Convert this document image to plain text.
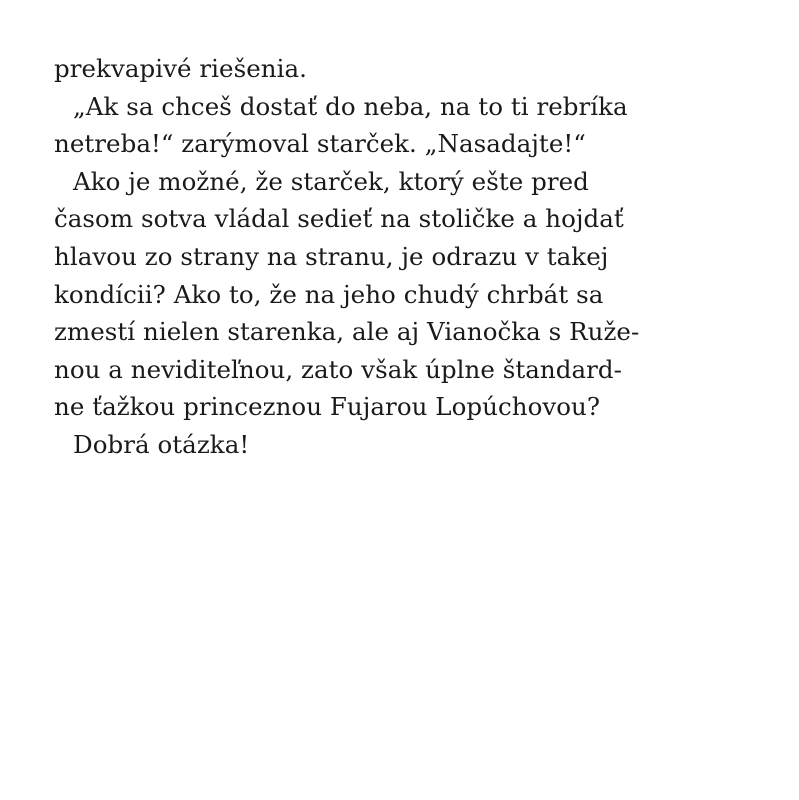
prekvapivé riešenia.
„Ak sa chceš dostať do neba, na to ti rebríka
netreba!“ zarýmoval starček. „Nasadajte!“
Ako je možné, že starček, ktorý ešte pred
časom sotva vládal sedieť na stoličke a hojdať
hlavou zo strany na stranu, je odrazu v takej
kondícii? Ako to, že na jeho chudý chrbát sa
zmestí nielen starenka, ale aj Vianočka s Ruže-
nou a neviditeľnou, zato však úplne štandard-
ne ťažkou princeznou Fujarou Lopúchovou?
Dobrá otázka!
